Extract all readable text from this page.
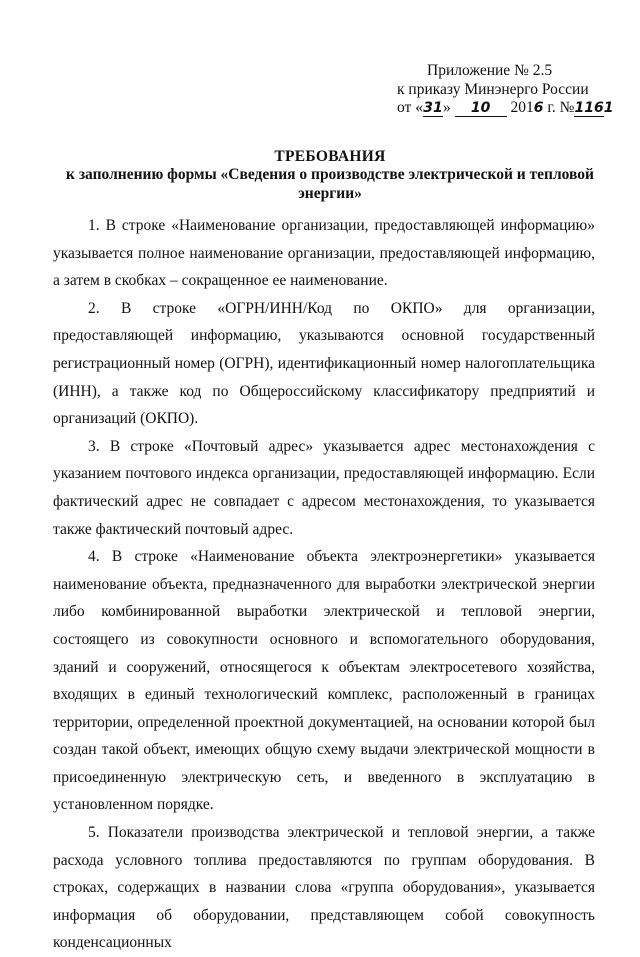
Приложение № 2.5
к приказу Минэнерго России
от «31» 10 2016 г. №1161
ТРЕБОВАНИЯ
к заполнению формы «Сведения о производстве электрической и тепловой энергии»

1. В строке «Наименование организации, предоставляющей информацию» указывается полное наименование организации, предоставляющей информацию, а затем в скобках – сокращенное ее наименование.

2. В строке «ОГРН/ИНН/Код по ОКПО» для организации, предоставляющей информацию, указываются основной государственный регистрационный номер (ОГРН), идентификационный номер налогоплательщика (ИНН), а также код по Общероссийскому классификатору предприятий и организаций (ОКПО).

3. В строке «Почтовый адрес» указывается адрес местонахождения с указанием почтового индекса организации, предоставляющей информацию. Если фактический адрес не совпадает с адресом местонахождения, то указывается также фактический почтовый адрес.

4. В строке «Наименование объекта электроэнергетики» указывается наименование объекта, предназначенного для выработки электрической энергии либо комбинированной выработки электрической и тепловой энергии, состоящего из совокупности основного и вспомогательного оборудования, зданий и сооружений, относящегося к объектам электросетевого хозяйства, входящих в единый технологический комплекс, расположенный в границах территории, определенной проектной документацией, на основании которой был создан такой объект, имеющих общую схему выдачи электрической мощности в присоединенную электрическую сеть, и введенного в эксплуатацию в установленном порядке.

5. Показатели производства электрической и тепловой энергии, а также расхода условного топлива предоставляются по группам оборудования. В строках, содержащих в названии слова «группа оборудования», указывается информация об оборудовании, представляющем собой совокупность конденсационных
